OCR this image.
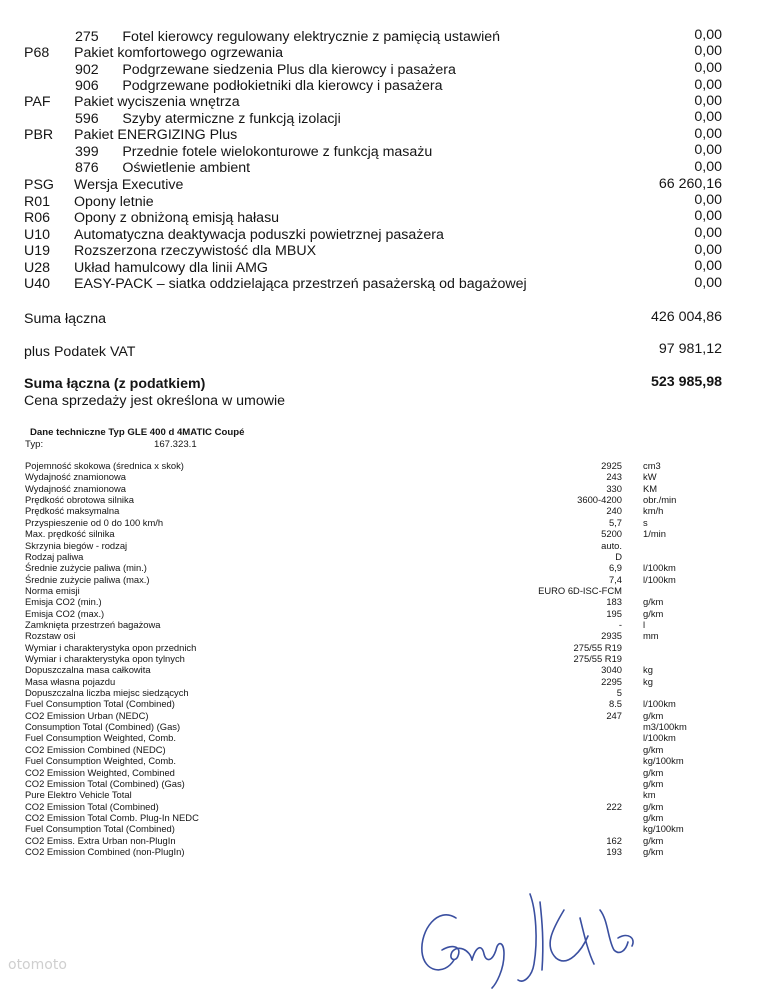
275      Fotel kierowcy regulowany elektrycznie z pamięcią ustawień	0,00
P68 Pakiet komfortowego ogrzewania	0,00
902      Podgrzewane siedzenia Plus dla kierowcy i pasażera	0,00
906      Podgrzewane podłokietniki dla kierowcy i pasażera	0,00
PAF Pakiet wyciszenia wnętrza	0,00
596      Szyby atermiczne z funkcją izolacji	0,00
PBR Pakiet ENERGIZING Plus	0,00
399      Przednie fotele wielokonturowe z funkcją masażu	0,00
876      Oświetlenie ambient	0,00
PSG Wersja Executive	66 260,16
R01 Opony letnie	0,00
R06 Opony z obniżoną emisją hałasu	0,00
U10 Automatyczna deaktywacja poduszki powietrznej pasażera	0,00
U19 Rozszerzona rzeczywistość dla MBUX	0,00
U28 Układ hamulcowy dla linii AMG	0,00
U40 EASY-PACK – siatka oddzielająca przestrzeń pasażerską od bagażowej	0,00
Suma łączna	426 004,86
plus Podatek VAT	97 981,12
Suma łączna (z podatkiem)	523 985,98
Cena sprzedaży jest określona w umowie
Dane techniczne Typ GLE 400 d 4MATIC Coupé
Typ:	167.323.1
Pojemność skokowa (średnica x skok)	2925 cm3
Wydajność znamionowa	243 kW
Wydajność znamionowa	330 KM
Prędkość obrotowa silnika	3600-4200 obr./min
Prędkość maksymalna	240 km/h
Przyspieszenie od 0 do 100 km/h	5,7 s
Max. prędkość silnika	5200 1/min
Skrzynia biegów - rodzaj	auto.
Rodzaj paliwa	D
Średnie zużycie paliwa (min.)	6,9 l/100km
Średnie zużycie paliwa (max.)	7,4 l/100km
Norma emisji	EURO 6D-ISC-FCM
Emisja CO2 (min.)	183 g/km
Emisja CO2 (max.)	195 g/km
Zamknięta przestrzeń bagażowa	- l
Rozstaw osi	2935 mm
Wymiar i charakterystyka opon przednich	275/55 R19
Wymiar i charakterystyka opon tylnych	275/55 R19
Dopuszczalna masa całkowita	3040 kg
Masa własna pojazdu	2295 kg
Dopuszczalna liczba miejsc siedzących	5
Fuel Consumption Total (Combined)	8.5 l/100km
CO2 Emission Urban (NEDC)	247 g/km
Consumption Total (Combined) (Gas)	m3/100km
Fuel Consumption Weighted, Comb.	l/100km
CO2 Emission Combined (NEDC)	g/km
Fuel Consumption Weighted, Comb.	kg/100km
CO2 Emission Weighted, Combined	g/km
CO2 Emission Total (Combined) (Gas)	g/km
Pure Elektro Vehicle Total	km
CO2 Emission Total (Combined)	222 g/km
CO2 Emission Total Comb. Plug-In NEDC	g/km
Fuel Consumption Total (Combined)	kg/100km
CO2 Emiss. Extra Urban non-PlugIn	162 g/km
CO2 Emission Combined (non-PlugIn)	193 g/km
otomoto
